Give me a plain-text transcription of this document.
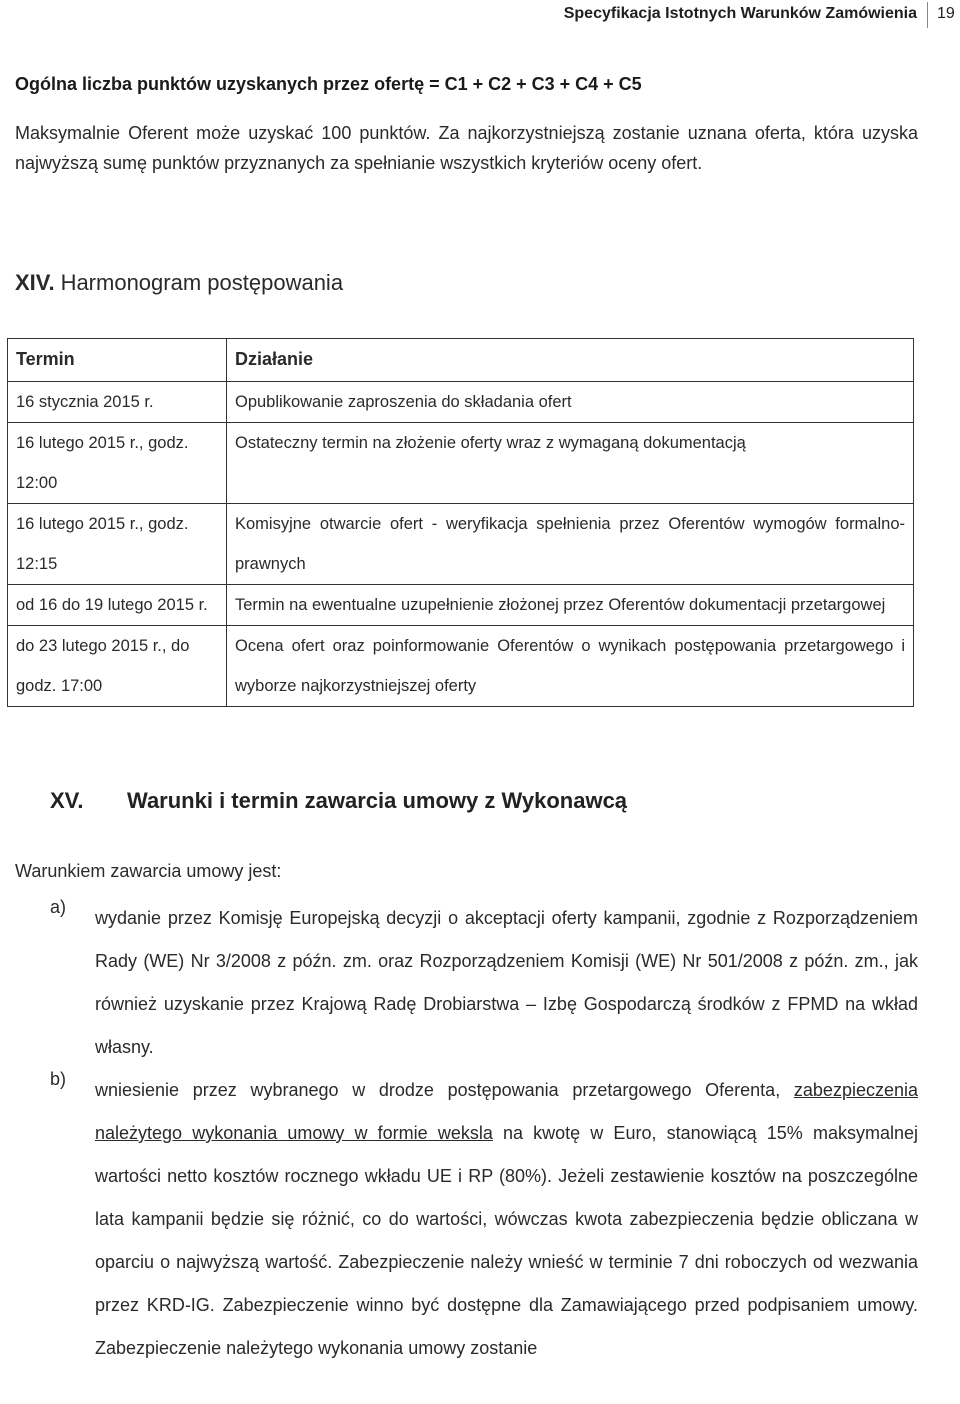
Specyfikacja Istotnych Warunków Zamówienia 19
Ogólna liczba punktów uzyskanych przez ofertę = C1 + C2 + C3 + C4 + C5
Maksymalnie Oferent może uzyskać 100 punktów. Za najkorzystniejszą zostanie uznana oferta, która uzyska najwyższą sumę punktów przyznanych za spełnianie wszystkich kryteriów oceny ofert.
XIV. Harmonogram postępowania
Termin	Działanie
16 stycznia 2015 r.	Opublikowanie zaproszenia do składania ofert
16 lutego 2015 r., godz. 12:00	Ostateczny termin na złożenie oferty wraz z wymaganą dokumentacją
16 lutego 2015 r., godz. 12:15	Komisyjne otwarcie ofert - weryfikacja spełnienia przez Oferentów wymogów formalno-prawnych
od 16 do 19 lutego 2015 r.	Termin na ewentualne uzupełnienie złożonej przez Oferentów dokumentacji przetargowej
do 23 lutego 2015 r., do godz. 17:00	Ocena ofert oraz poinformowanie Oferentów o wynikach postępowania przetargowego i wyborze najkorzystniejszej oferty
XV. Warunki i termin zawarcia umowy z Wykonawcą
Warunkiem zawarcia umowy jest:
a)
wydanie przez Komisję Europejską decyzji o akceptacji oferty kampanii, zgodnie z Rozporządzeniem Rady (WE) Nr 3/2008 z późn. zm. oraz Rozporządzeniem Komisji (WE) Nr 501/2008 z późn. zm., jak również uzyskanie przez Krajową Radę Drobiarstwa – Izbę Gospodarczą środków z FPMD na wkład własny.
b)
wniesienie przez wybranego w drodze postępowania przetargowego Oferenta, zabezpieczenia należytego wykonania umowy w formie weksla na kwotę w Euro, stanowiącą 15% maksymalnej wartości netto kosztów rocznego wkładu UE i RP (80%). Jeżeli zestawienie kosztów na poszczególne lata kampanii będzie się różnić, co do wartości, wówczas kwota zabezpieczenia będzie obliczana w oparciu o najwyższą wartość. Zabezpieczenie należy wnieść w terminie 7 dni roboczych od wezwania przez KRD-IG. Zabezpieczenie winno być dostępne dla Zamawiającego przed podpisaniem umowy. Zabezpieczenie należytego wykonania umowy zostanie
